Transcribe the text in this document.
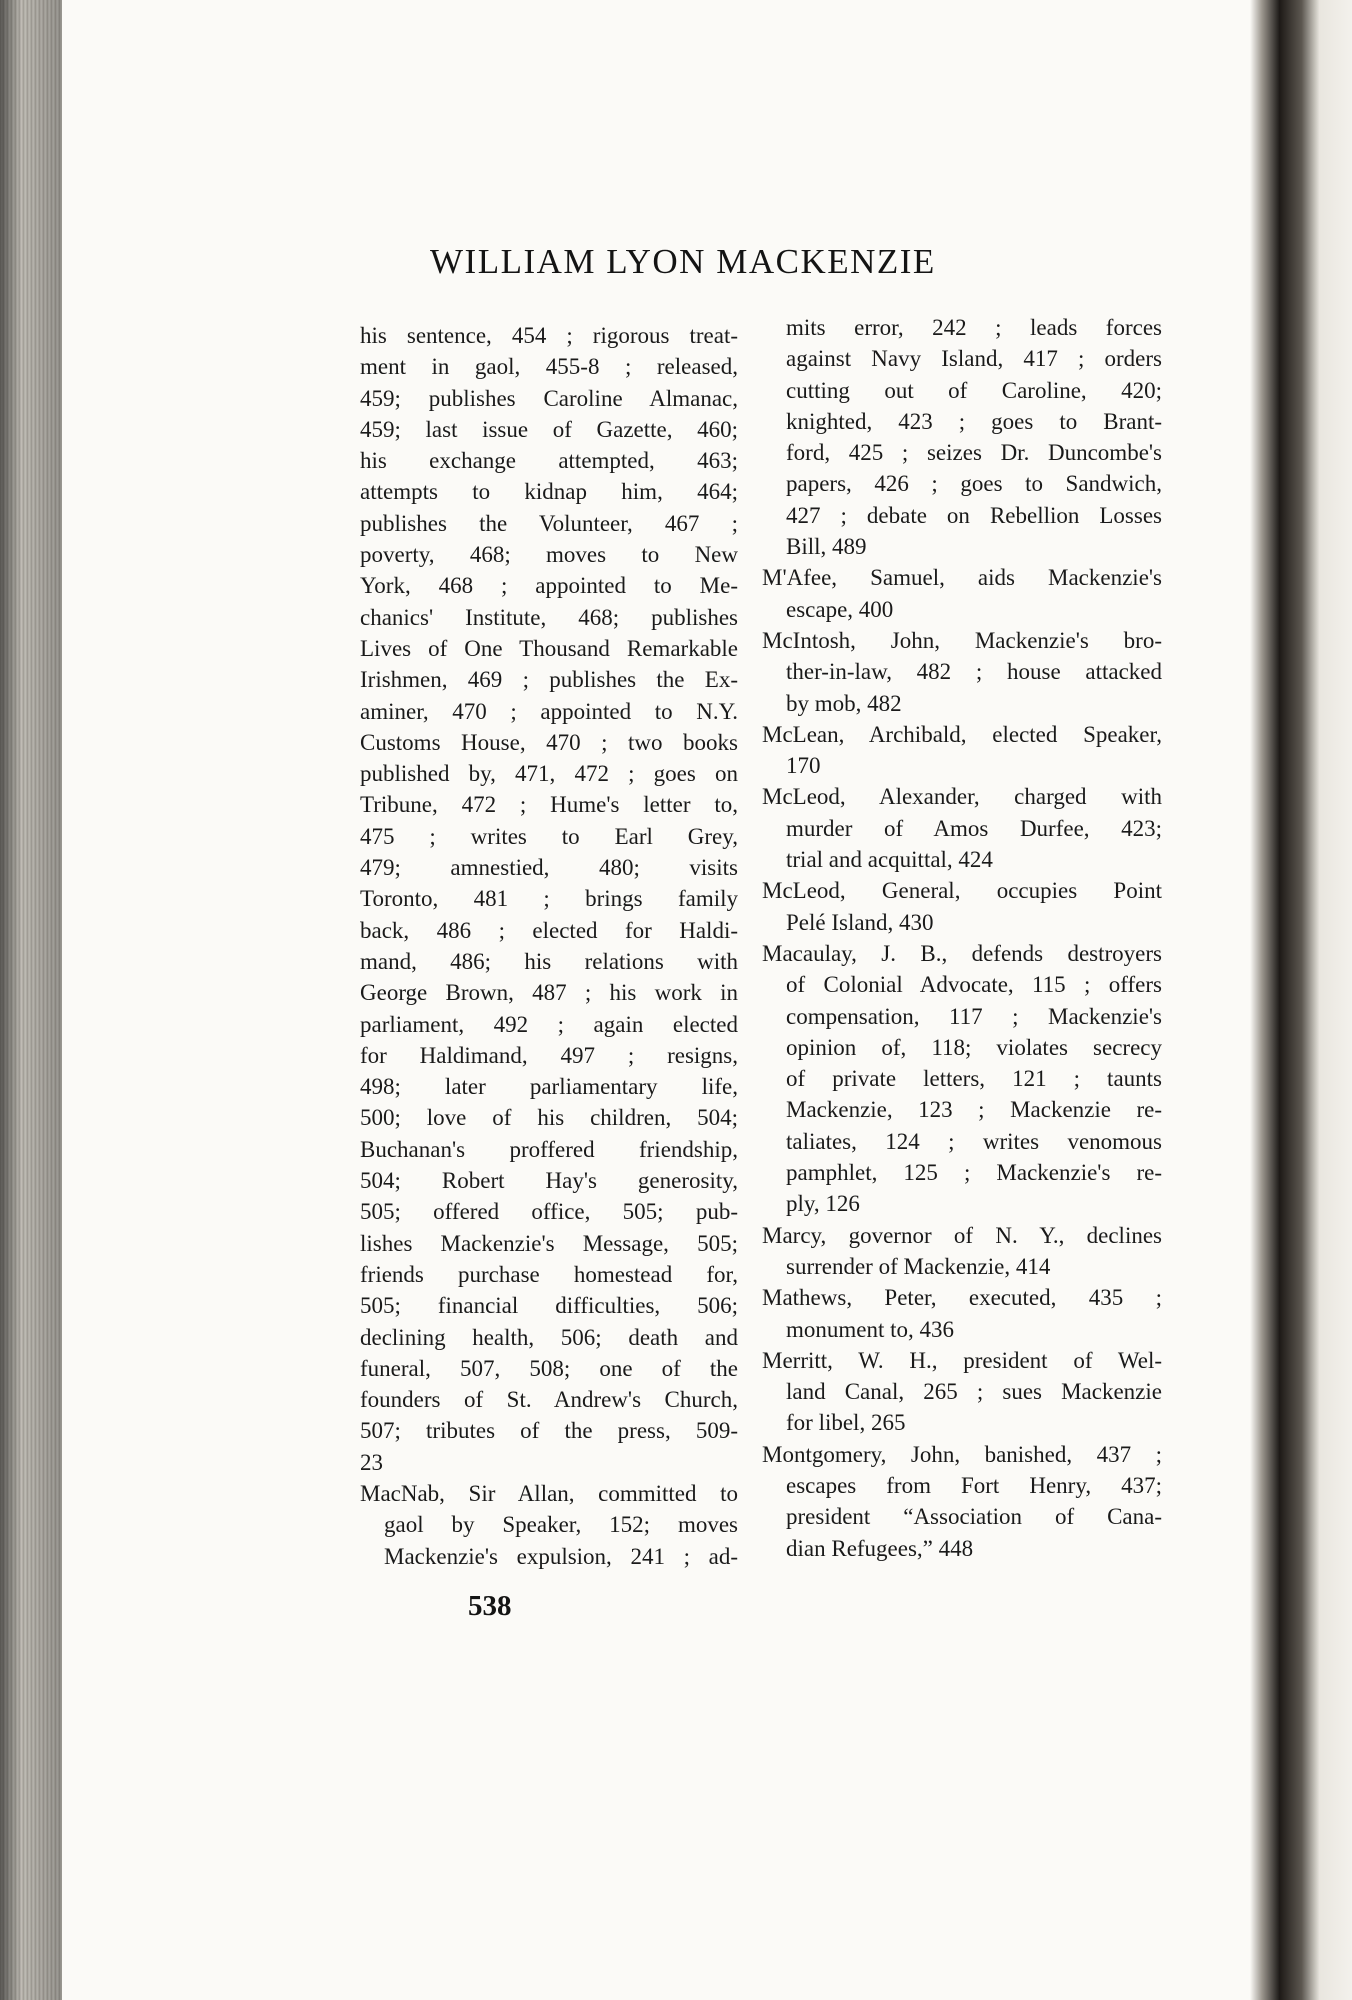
WILLIAM LYON MACKENZIE
his sentence, 454 ; rigorous treat-
ment in gaol, 455-8 ; released,
459; publishes Caroline Almanac,
459; last issue of Gazette, 460;
his exchange attempted, 463;
attempts to kidnap him, 464;
publishes the Volunteer, 467 ;
poverty, 468; moves to New
York, 468 ; appointed to Me-
chanics' Institute, 468; publishes
Lives of One Thousand Remarkable
Irishmen, 469 ; publishes the Ex-
aminer, 470 ; appointed to N.Y.
Customs House, 470 ; two books
published by, 471, 472 ; goes on
Tribune, 472 ; Hume's letter to,
475 ; writes to Earl Grey,
479; amnestied, 480; visits
Toronto, 481 ; brings family
back, 486 ; elected for Haldi-
mand, 486; his relations with
George Brown, 487 ; his work in
parliament, 492 ; again elected
for Haldimand, 497 ; resigns,
498; later parliamentary life,
500; love of his children, 504;
Buchanan's proffered friendship,
504; Robert Hay's generosity,
505; offered office, 505; pub-
lishes Mackenzie's Message, 505;
friends purchase homestead for,
505; financial difficulties, 506;
declining health, 506; death and
funeral, 507, 508; one of the
founders of St. Andrew's Church,
507; tributes of the press, 509-
23
MacNab, Sir Allan, committed to
gaol by Speaker, 152; moves
Mackenzie's expulsion, 241 ; ad-
mits error, 242 ; leads forces
against Navy Island, 417 ; orders
cutting out of Caroline, 420;
knighted, 423 ; goes to Brant-
ford, 425 ; seizes Dr. Duncombe's
papers, 426 ; goes to Sandwich,
427 ; debate on Rebellion Losses
Bill, 489
M'Afee, Samuel, aids Mackenzie's
escape, 400
McIntosh, John, Mackenzie's bro-
ther-in-law, 482 ; house attacked
by mob, 482
McLean, Archibald, elected Speaker,
170
McLeod, Alexander, charged with
murder of Amos Durfee, 423;
trial and acquittal, 424
McLeod, General, occupies Point
Pelé Island, 430
Macaulay, J. B., defends destroyers
of Colonial Advocate, 115 ; offers
compensation, 117 ; Mackenzie's
opinion of, 118; violates secrecy
of private letters, 121 ; taunts
Mackenzie, 123 ; Mackenzie re-
taliates, 124 ; writes venomous
pamphlet, 125 ; Mackenzie's re-
ply, 126
Marcy, governor of N. Y., declines
surrender of Mackenzie, 414
Mathews, Peter, executed, 435 ;
monument to, 436
Merritt, W. H., president of Wel-
land Canal, 265 ; sues Mackenzie
for libel, 265
Montgomery, John, banished, 437 ;
escapes from Fort Henry, 437;
president “Association of Cana-
dian Refugees,” 448
538
